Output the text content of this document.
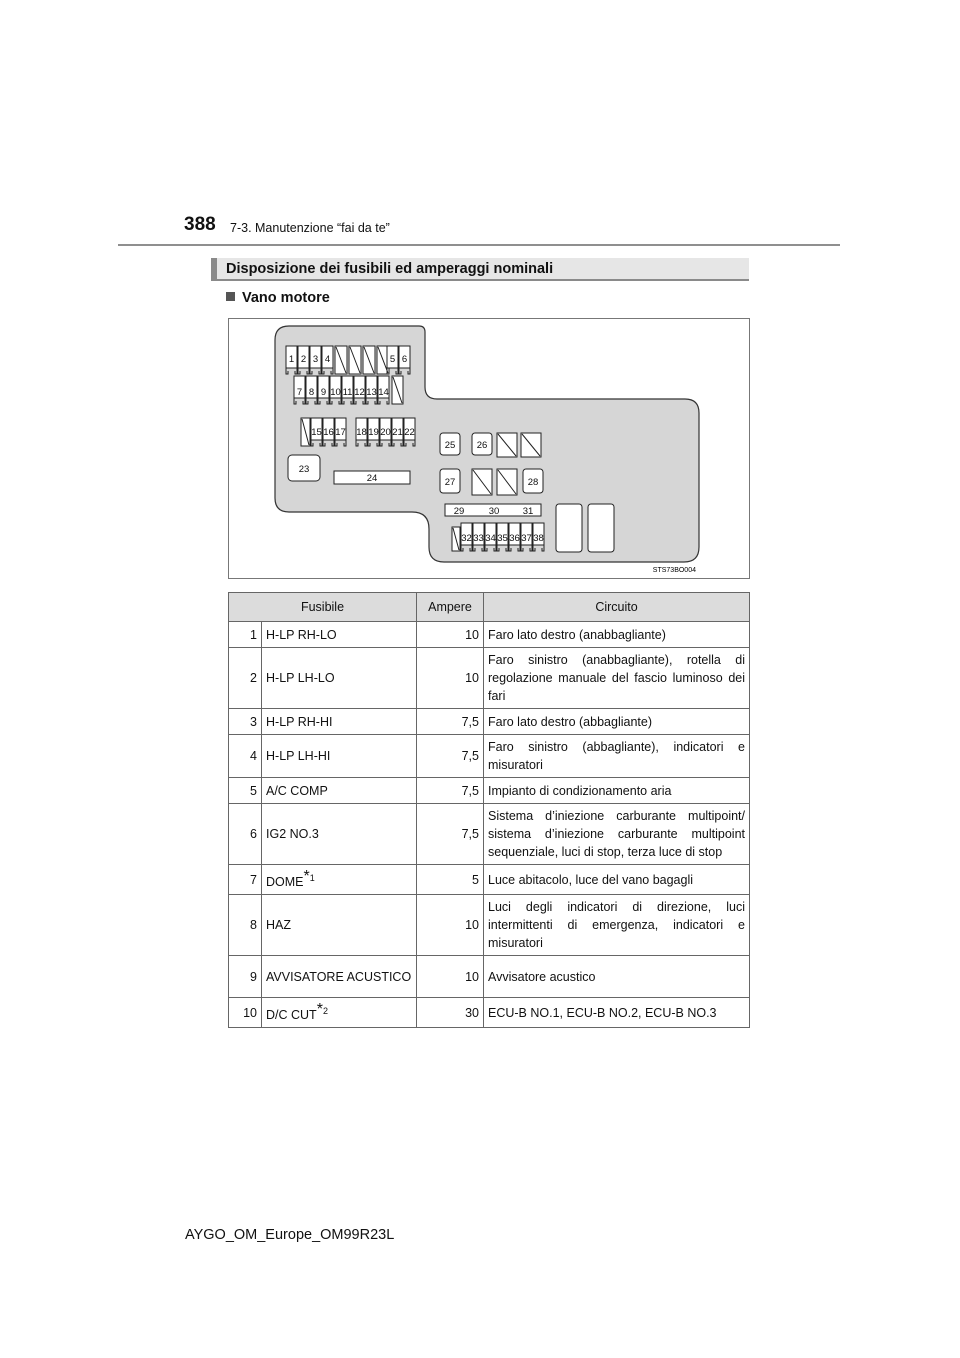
388 7-3. Manutenzione “fai da te”
Disposizione dei fusibili ed amperaggi nominali
Vano motore
1 2 3 4	5 6
7 8 9 10 11 12 13 14
15 16 17 18 19 20 21 22
23
24
25 26
27	28
29	30 31
32 33 34 35 36 37 38
STS73BO004
Fusibile		Ampere	Circuito
1	H-LP RH-LO	10	Faro lato destro (anabbagliante)
2	H-LP LH-LO	10	Faro sinistro (anabbagliante), rotella di regolazione manuale del fascio luminoso dei fari
3	H-LP RH-HI	7,5	Faro lato destro (abbagliante)
4	H-LP LH-HI	7,5	Faro sinistro (abbagliante), indicatori e misuratori
5	A/C COMP	7,5	Impianto di condizionamento aria
6	IG2 NO.3	7,5	Sistema d’iniezione carburante multipoint/ sistema d’iniezione carburante multipoint sequenziale, luci di stop, terza luce di stop
7	DOME$^{*1}$	5	Luce abitacolo, luce del vano bagagli
8	HAZ	10	Luci degli indicatori di direzione, luci intermittenti di emergenza, indicatori e misuratori
9	AVVISATORE ACUSTICO	10	Avvisatore acustico
10	D/C CUT$^{*2}$	30	ECU-B NO.1, ECU-B NO.2, ECU-B NO.3
AYGO_OM_Europe_OM99R23L
